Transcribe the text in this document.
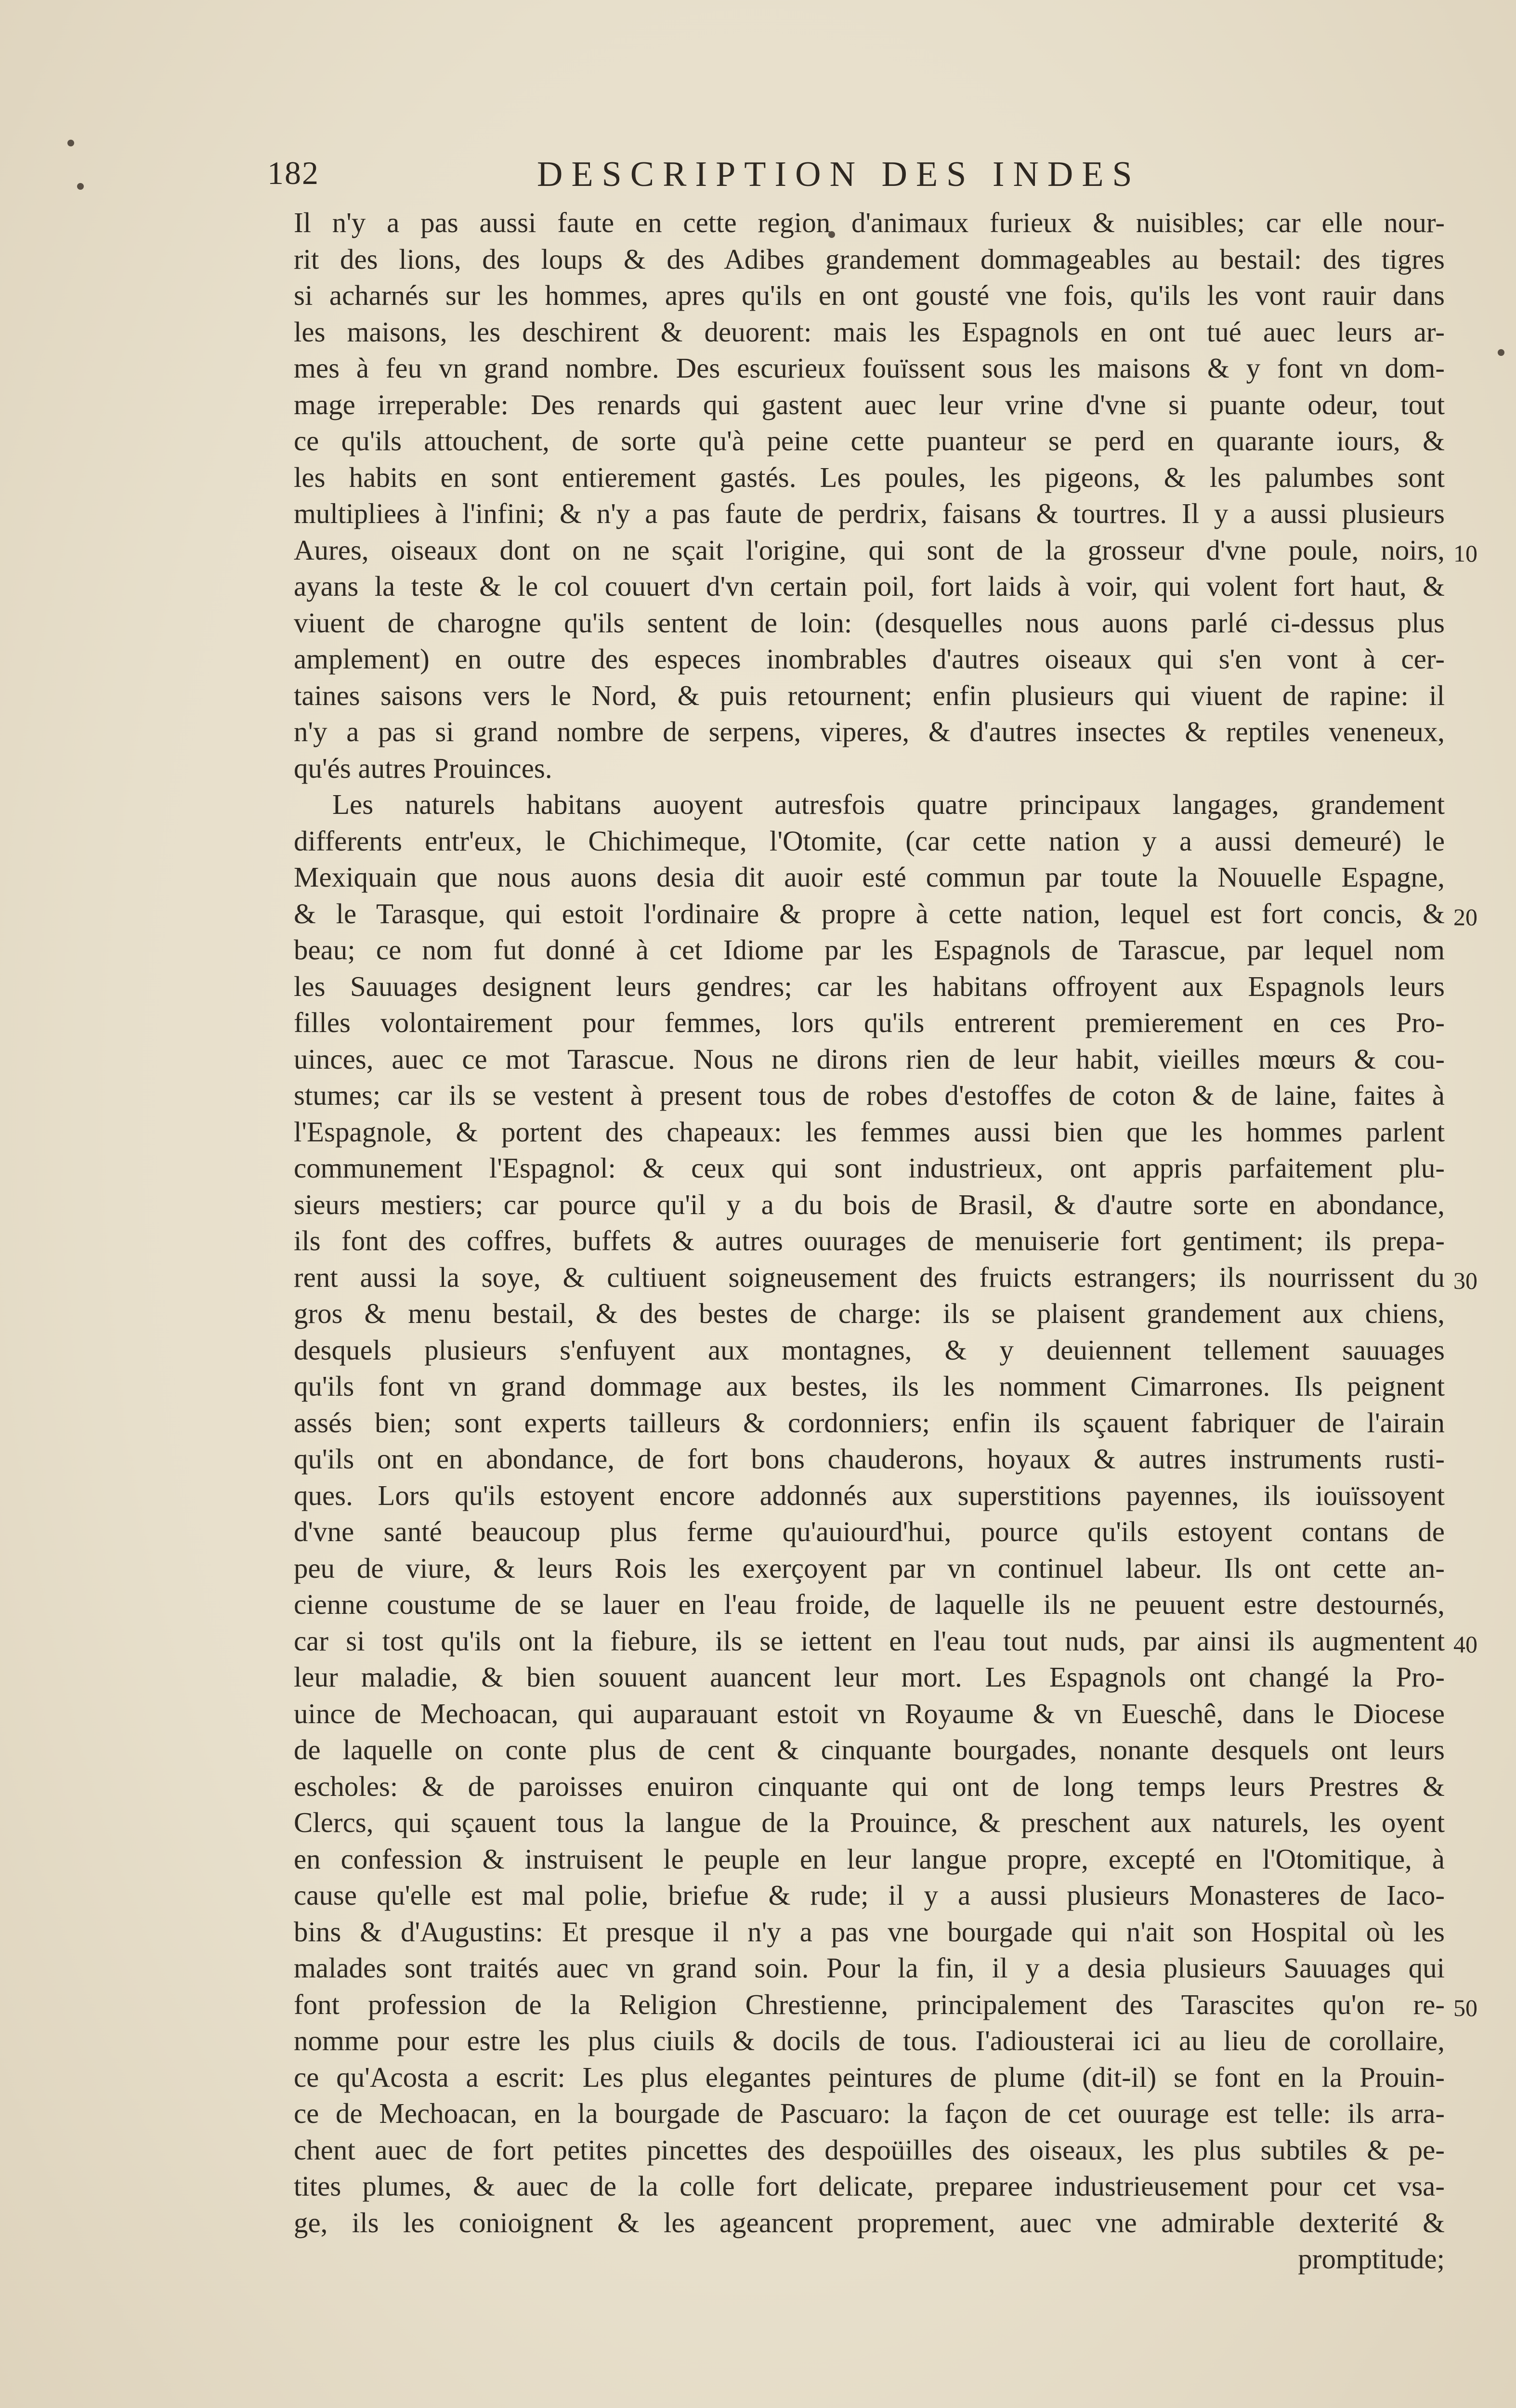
182	DESCRIPTION DES INDES
Il n'y a pas aussi faute en cette region d'animaux furieux & nuisibles; car elle nour-
rit des lions, des loups & des Adibes grandement dommageables au bestail: des tigres
si acharnés sur les hommes, apres qu'ils en ont gousté vne fois, qu'ils les vont rauir dans
les maisons, les deschirent & deuorent: mais les Espagnols en ont tué auec leurs ar-
mes à feu vn grand nombre. Des escurieux fouïssent sous les maisons & y font vn dom-
mage irreperable: Des renards qui gastent auec leur vrine d'vne si puante odeur, tout
ce qu'ils attouchent, de sorte qu'à peine cette puanteur se perd en quarante iours, &
les habits en sont entierement gastés. Les poules, les pigeons, & les palumbes sont
multipliees à l'infini; & n'y a pas faute de perdrix, faisans & tourtres. Il y a aussi plusieurs
Aures, oiseaux dont on ne sçait l'origine, qui sont de la grosseur d'vne poule, noirs,
ayans la teste & le col couuert d'vn certain poil, fort laids à voir, qui volent fort haut, &
viuent de charogne qu'ils sentent de loin: (desquelles nous auons parlé ci-dessus plus
amplement) en outre des especes inombrables d'autres oiseaux qui s'en vont à cer-
taines saisons vers le Nord, & puis retournent; enfin plusieurs qui viuent de rapine: il
n'y a pas si grand nombre de serpens, viperes, & d'autres insectes & reptiles veneneux,
qu'és autres Prouinces.
Les naturels habitans auoyent autresfois quatre principaux langages, grandement
differents entr'eux, le Chichimeque, l'Otomite, (car cette nation y a aussi demeuré) le
Mexiquain que nous auons desia dit auoir esté commun par toute la Nouuelle Espagne,
& le Tarasque, qui estoit l'ordinaire & propre à cette nation, lequel est fort concis, &
beau; ce nom fut donné à cet Idiome par les Espagnols de Tarascue, par lequel nom
les Sauuages designent leurs gendres; car les habitans offroyent aux Espagnols leurs
filles volontairement pour femmes, lors qu'ils entrerent premierement en ces Pro-
uinces, auec ce mot Tarascue. Nous ne dirons rien de leur habit, vieilles mœurs & cou-
stumes; car ils se vestent à present tous de robes d'estoffes de coton & de laine, faites à
l'Espagnole, & portent des chapeaux: les femmes aussi bien que les hommes parlent
communement l'Espagnol: & ceux qui sont industrieux, ont appris parfaitement plu-
sieurs mestiers; car pource qu'il y a du bois de Brasil, & d'autre sorte en abondance,
ils font des coffres, buffets & autres ouurages de menuiserie fort gentiment; ils prepa-
rent aussi la soye, & cultiuent soigneusement des fruicts estrangers; ils nourrissent du
gros & menu bestail, & des bestes de charge: ils se plaisent grandement aux chiens,
desquels plusieurs s'enfuyent aux montagnes, & y deuiennent tellement sauuages
qu'ils font vn grand dommage aux bestes, ils les nomment Cimarrones. Ils peignent
assés bien; sont experts tailleurs & cordonniers; enfin ils sçauent fabriquer de l'airain
qu'ils ont en abondance, de fort bons chauderons, hoyaux & autres instruments rusti-
ques. Lors qu'ils estoyent encore addonnés aux superstitions payennes, ils iouïssoyent
d'vne santé beaucoup plus ferme qu'auiourd'hui, pource qu'ils estoyent contans de
peu de viure, & leurs Rois les exerçoyent par vn continuel labeur. Ils ont cette an-
cienne coustume de se lauer en l'eau froide, de laquelle ils ne peuuent estre destournés,
car si tost qu'ils ont la fiebure, ils se iettent en l'eau tout nuds, par ainsi ils augmentent
leur maladie, & bien souuent auancent leur mort. Les Espagnols ont changé la Pro-
uince de Mechoacan, qui auparauant estoit vn Royaume & vn Eueschê, dans le Diocese
de laquelle on conte plus de cent & cinquante bourgades, nonante desquels ont leurs
escholes: & de paroisses enuiron cinquante qui ont de long temps leurs Prestres &
Clercs, qui sçauent tous la langue de la Prouince, & preschent aux naturels, les oyent
en confession & instruisent le peuple en leur langue propre, excepté en l'Otomitique, à
cause qu'elle est mal polie, briefue & rude; il y a aussi plusieurs Monasteres de Iaco-
bins & d'Augustins: Et presque il n'y a pas vne bourgade qui n'ait son Hospital où les
malades sont traités auec vn grand soin. Pour la fin, il y a desia plusieurs Sauuages qui
font profession de la Religion Chrestienne, principalement des Tarascites qu'on re-
nomme pour estre les plus ciuils & docils de tous. I'adiousterai ici au lieu de corollaire,
ce qu'Acosta a escrit: Les plus elegantes peintures de plume (dit-il) se font en la Prouin-
ce de Mechoacan, en la bourgade de Pascuaro: la façon de cet ouurage est telle: ils arra-
chent auec de fort petites pincettes des despoüilles des oiseaux, les plus subtiles & pe-
tites plumes, & auec de la colle fort delicate, preparee industrieusement pour cet vsa-
ge, ils les conioignent & les ageancent proprement, auec vne admirable dexterité &
promptitude;
10
20
30
40
50
